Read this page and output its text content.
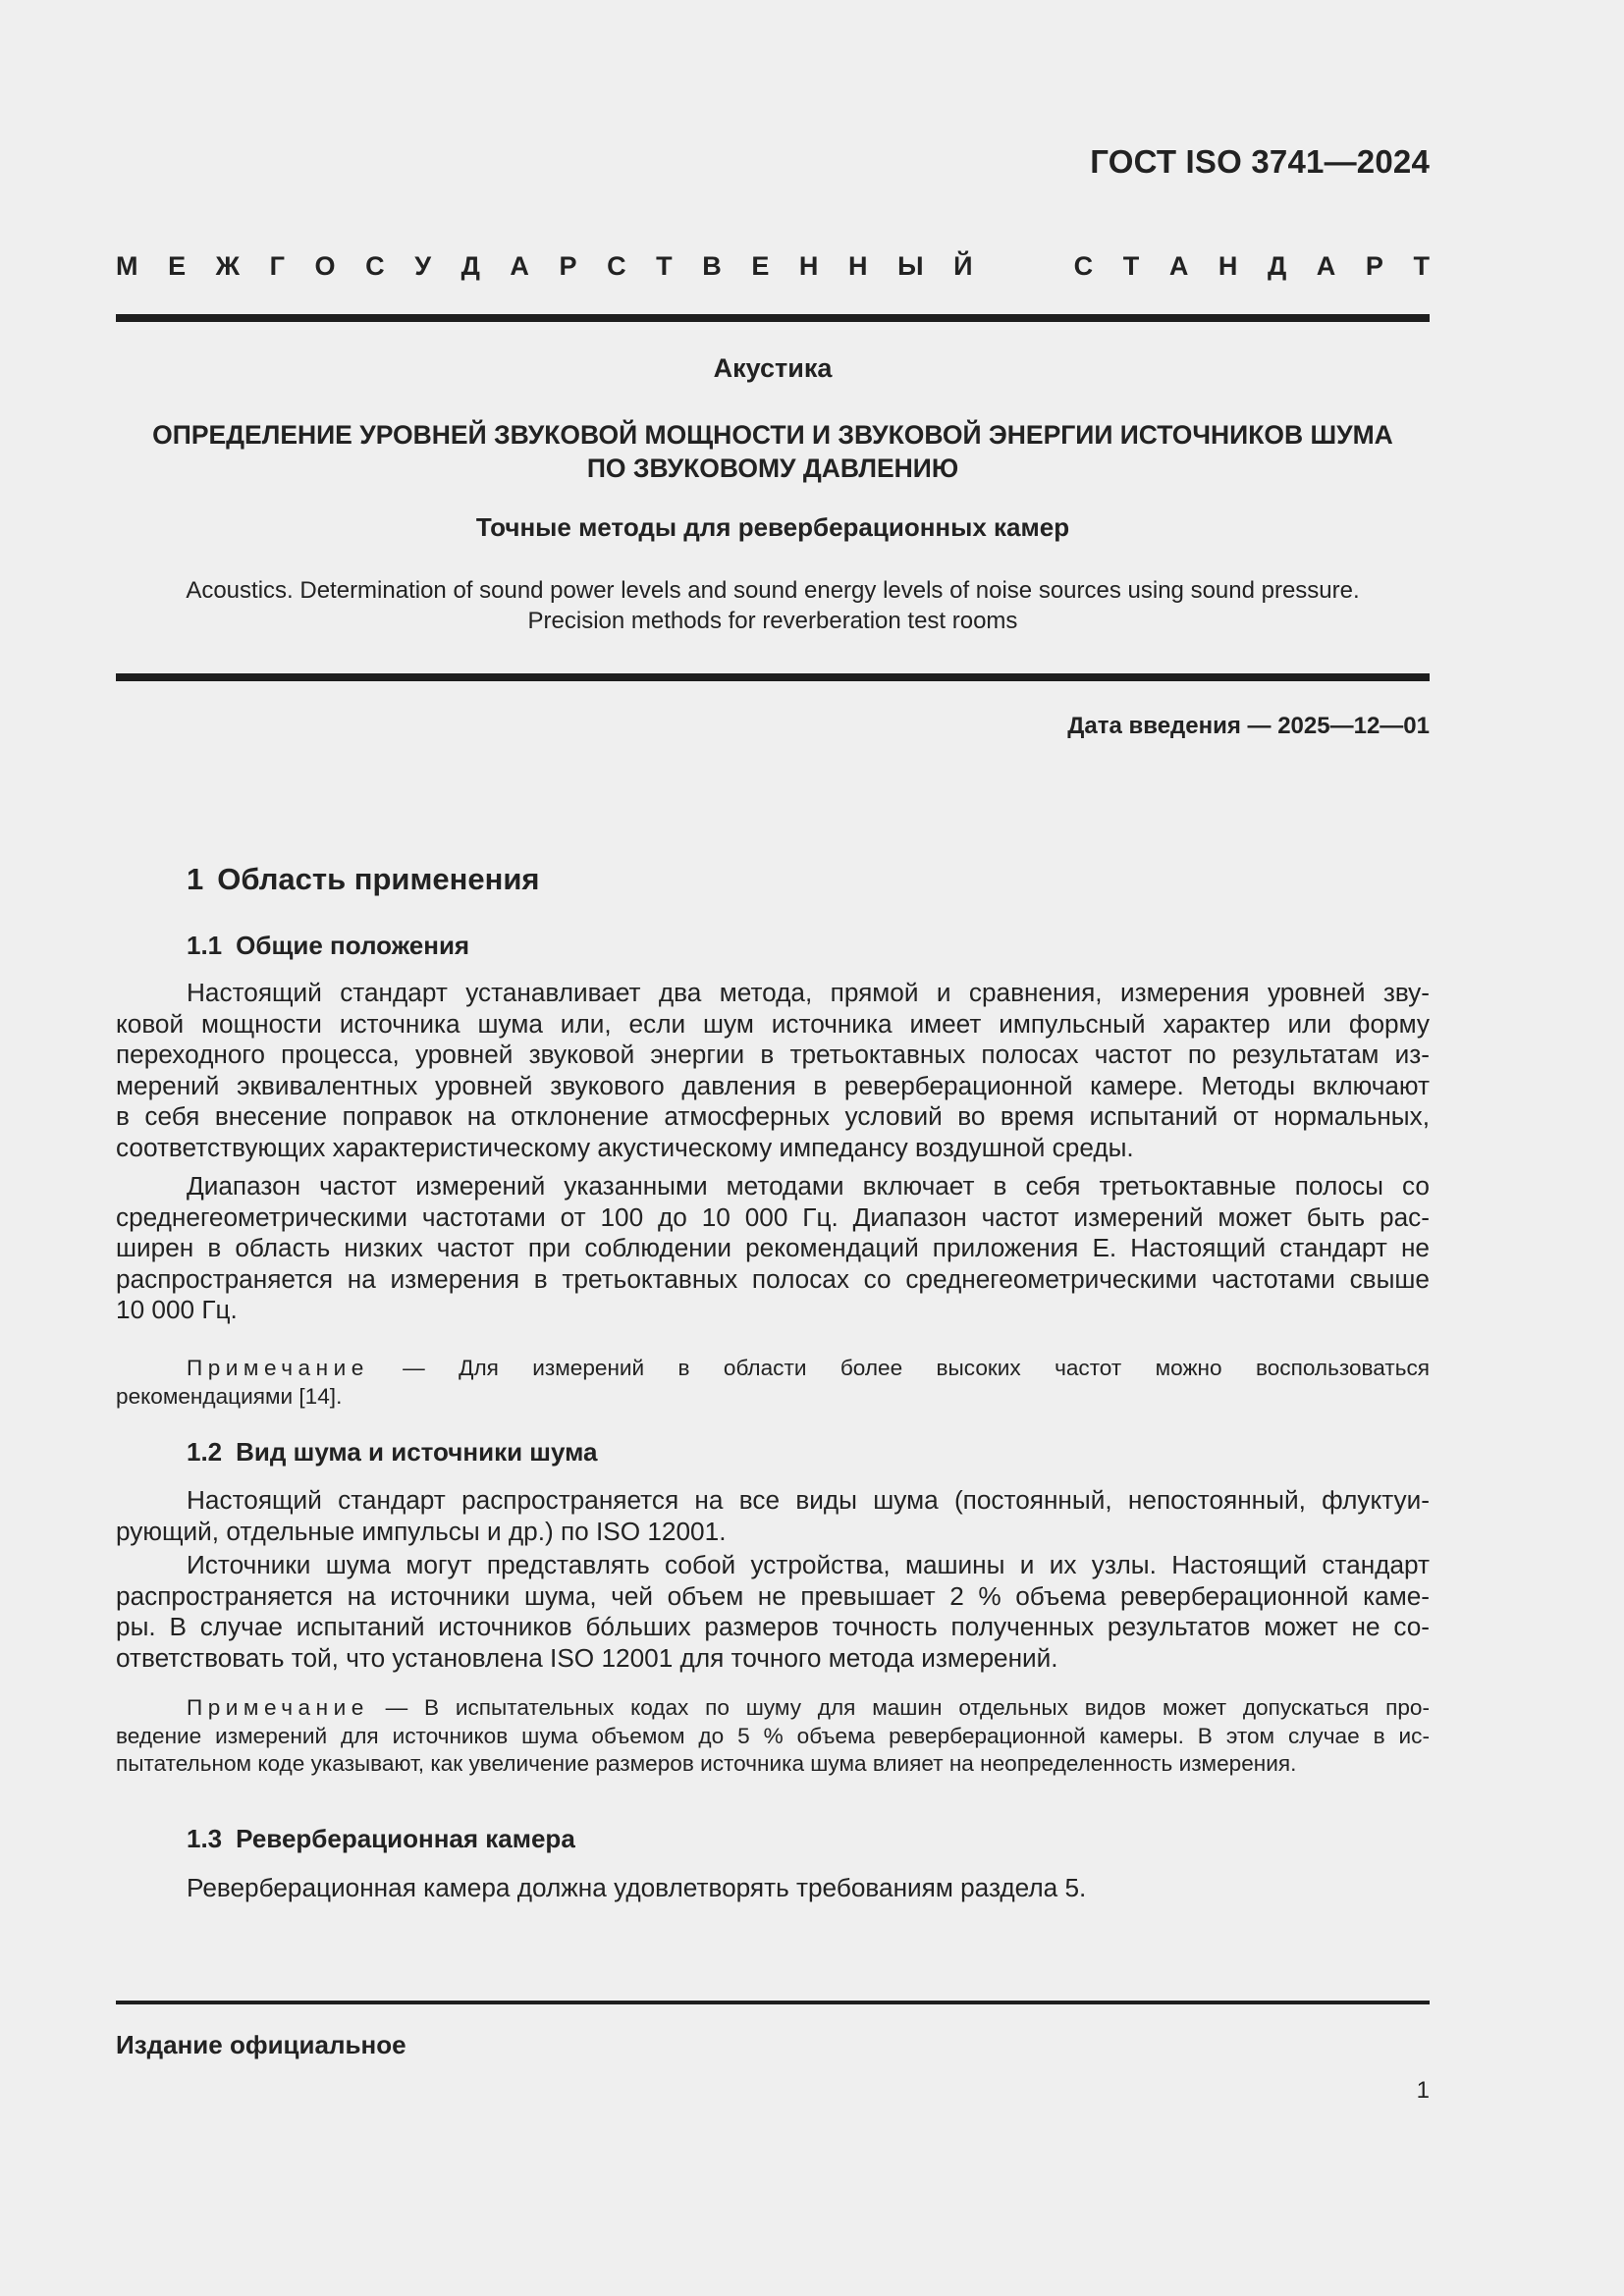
ГОСТ ISO 3741—2024
М Е Ж Г О С У Д А Р С Т В Е Н Н Ы Й	С Т А Н Д А Р Т
Акустика
ОПРЕДЕЛЕНИЕ УРОВНЕЙ ЗВУКОВОЙ МОЩНОСТИ И ЗВУКОВОЙ ЭНЕРГИИ ИСТОЧНИКОВ ШУМА
ПО ЗВУКОВОМУ ДАВЛЕНИЮ
Точные методы для реверберационных камер
Acoustics. Determination of sound power levels and sound energy levels of noise sources using sound pressure.
Precision methods for reverberation test rooms
Дата введения — 2025—12—01
1 Область применения
1.1 Общие положения
Настоящий стандарт устанавливает два метода, прямой и сравнения, измерения уровней зву-
ковой мощности источника шума или, если шум источника имеет импульсный характер или форму
переходного процесса, уровней звуковой энергии в третьоктавных полосах частот по результатам из-
мерений эквивалентных уровней звукового давления в реверберационной камере. Методы включают
в себя внесение поправок на отклонение атмосферных условий во время испытаний от нормальных,
соответствующих характеристическому акустическому импедансу воздушной среды.
Диапазон частот измерений указанными методами включает в себя третьоктавные полосы со
среднегеометрическими частотами от 100 до 10 000 Гц. Диапазон частот измерений может быть рас-
ширен в область низких частот при соблюдении рекомендаций приложения Е. Настоящий стандарт не
распространяется на измерения в третьоктавных полосах со среднегеометрическими частотами свыше
10 000 Гц.
Примечание — Для измерений в области более высоких частот можно воспользоваться
рекомендациями [14].
1.2 Вид шума и источники шума
Настоящий стандарт распространяется на все виды шума (постоянный, непостоянный, флуктуи-
рующий, отдельные импульсы и др.) по ISO 12001.
Источники шума могут представлять собой устройства, машины и их узлы. Настоящий стандарт
распространяется на источники шума, чей объем не превышает 2 % объема реверберационной каме-
ры. В случае испытаний источников бóльших размеров точность полученных результатов может не со-
ответствовать той, что установлена ISO 12001 для точного метода измерений.
Примечание — В испытательных кодах по шуму для машин отдельных видов может допускаться про-
ведение измерений для источников шума объемом до 5 % объема реверберационной камеры. В этом случае в ис-
пытательном коде указывают, как увеличение размеров источника шума влияет на неопределенность измерения.
1.3 Реверберационная камера
Реверберационная камера должна удовлетворять требованиям раздела 5.
Издание официальное
1
